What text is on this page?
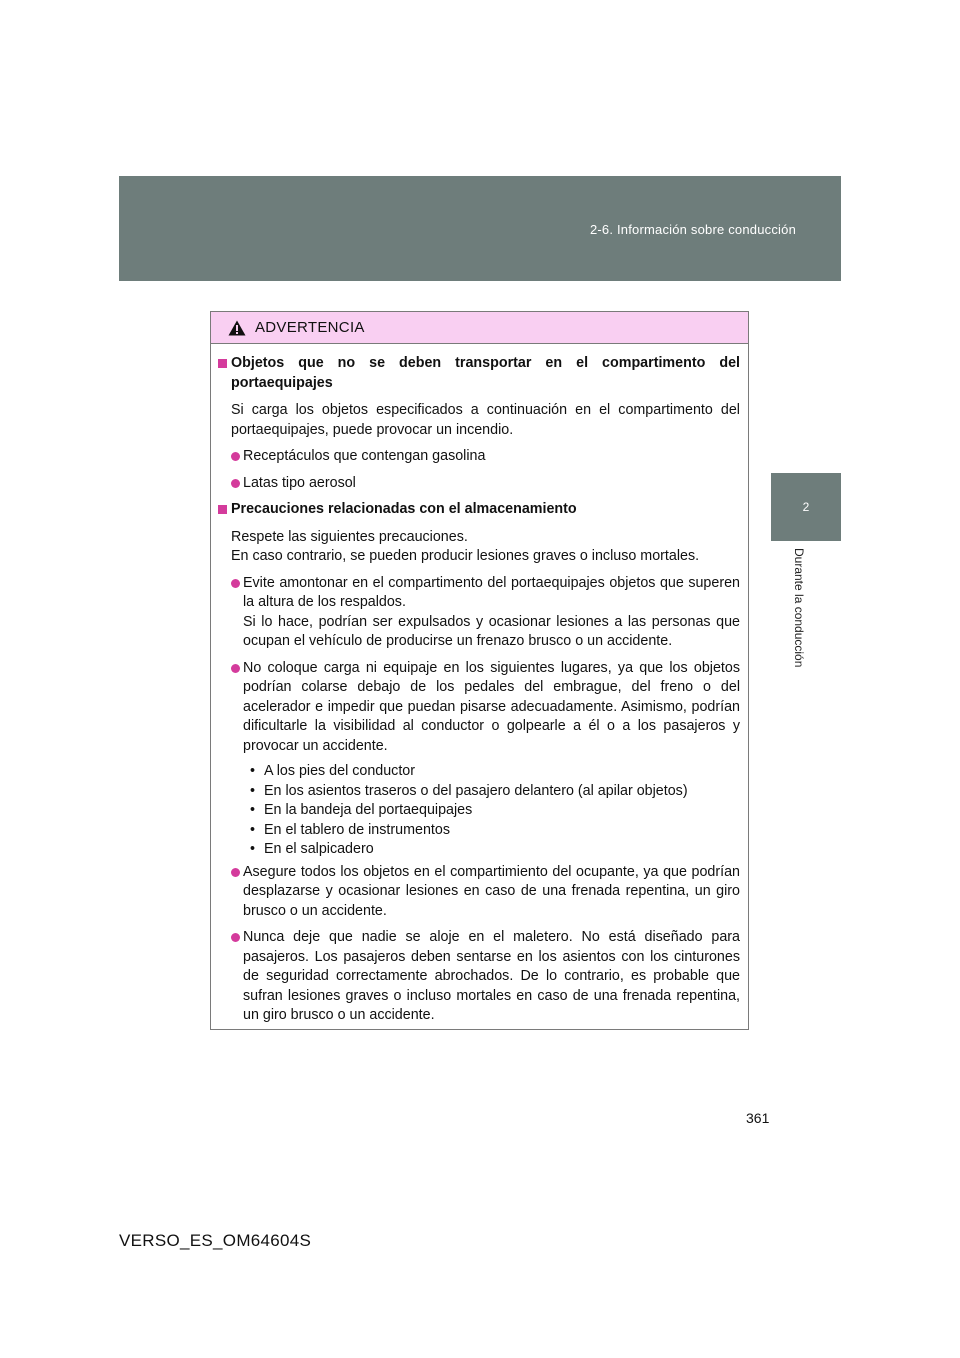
2-6. Información sobre conducción
2
Durante la conducción
ADVERTENCIA
Objetos que no se deben transportar en el compartimento del portaequipajes
Si carga los objetos especificados a continuación en el compartimento del portaequipajes, puede provocar un incendio.
Receptáculos que contengan gasolina
Latas tipo aerosol
Precauciones relacionadas con el almacenamiento
Respete las siguientes precauciones.
En caso contrario, se pueden producir lesiones graves o incluso mortales.
Evite amontonar en el compartimento del portaequipajes objetos que superen la altura de los respaldos.
Si lo hace, podrían ser expulsados y ocasionar lesiones a las personas que ocupan el vehículo de producirse un frenazo brusco o un accidente.
No coloque carga ni equipaje en los siguientes lugares, ya que los objetos podrían colarse debajo de los pedales del embrague, del freno o del acelerador e impedir que puedan pisarse adecuadamente. Asimismo, podrían dificultarle la visibilidad al conductor o golpearle a él o a los pasajeros y provocar un accidente.
• A los pies del conductor
• En los asientos traseros o del pasajero delantero (al apilar objetos)
• En la bandeja del portaequipajes
• En el tablero de instrumentos
• En el salpicadero
Asegure todos los objetos en el compartimiento del ocupante, ya que podrían desplazarse y ocasionar lesiones en caso de una frenada repentina, un giro brusco o un accidente.
Nunca deje que nadie se aloje en el maletero. No está diseñado para pasajeros. Los pasajeros deben sentarse en los asientos con los cinturones de seguridad correctamente abrochados. De lo contrario, es probable que sufran lesiones graves o incluso mortales en caso de una frenada repentina, un giro brusco o un accidente.
361
VERSO_ES_OM64604S
